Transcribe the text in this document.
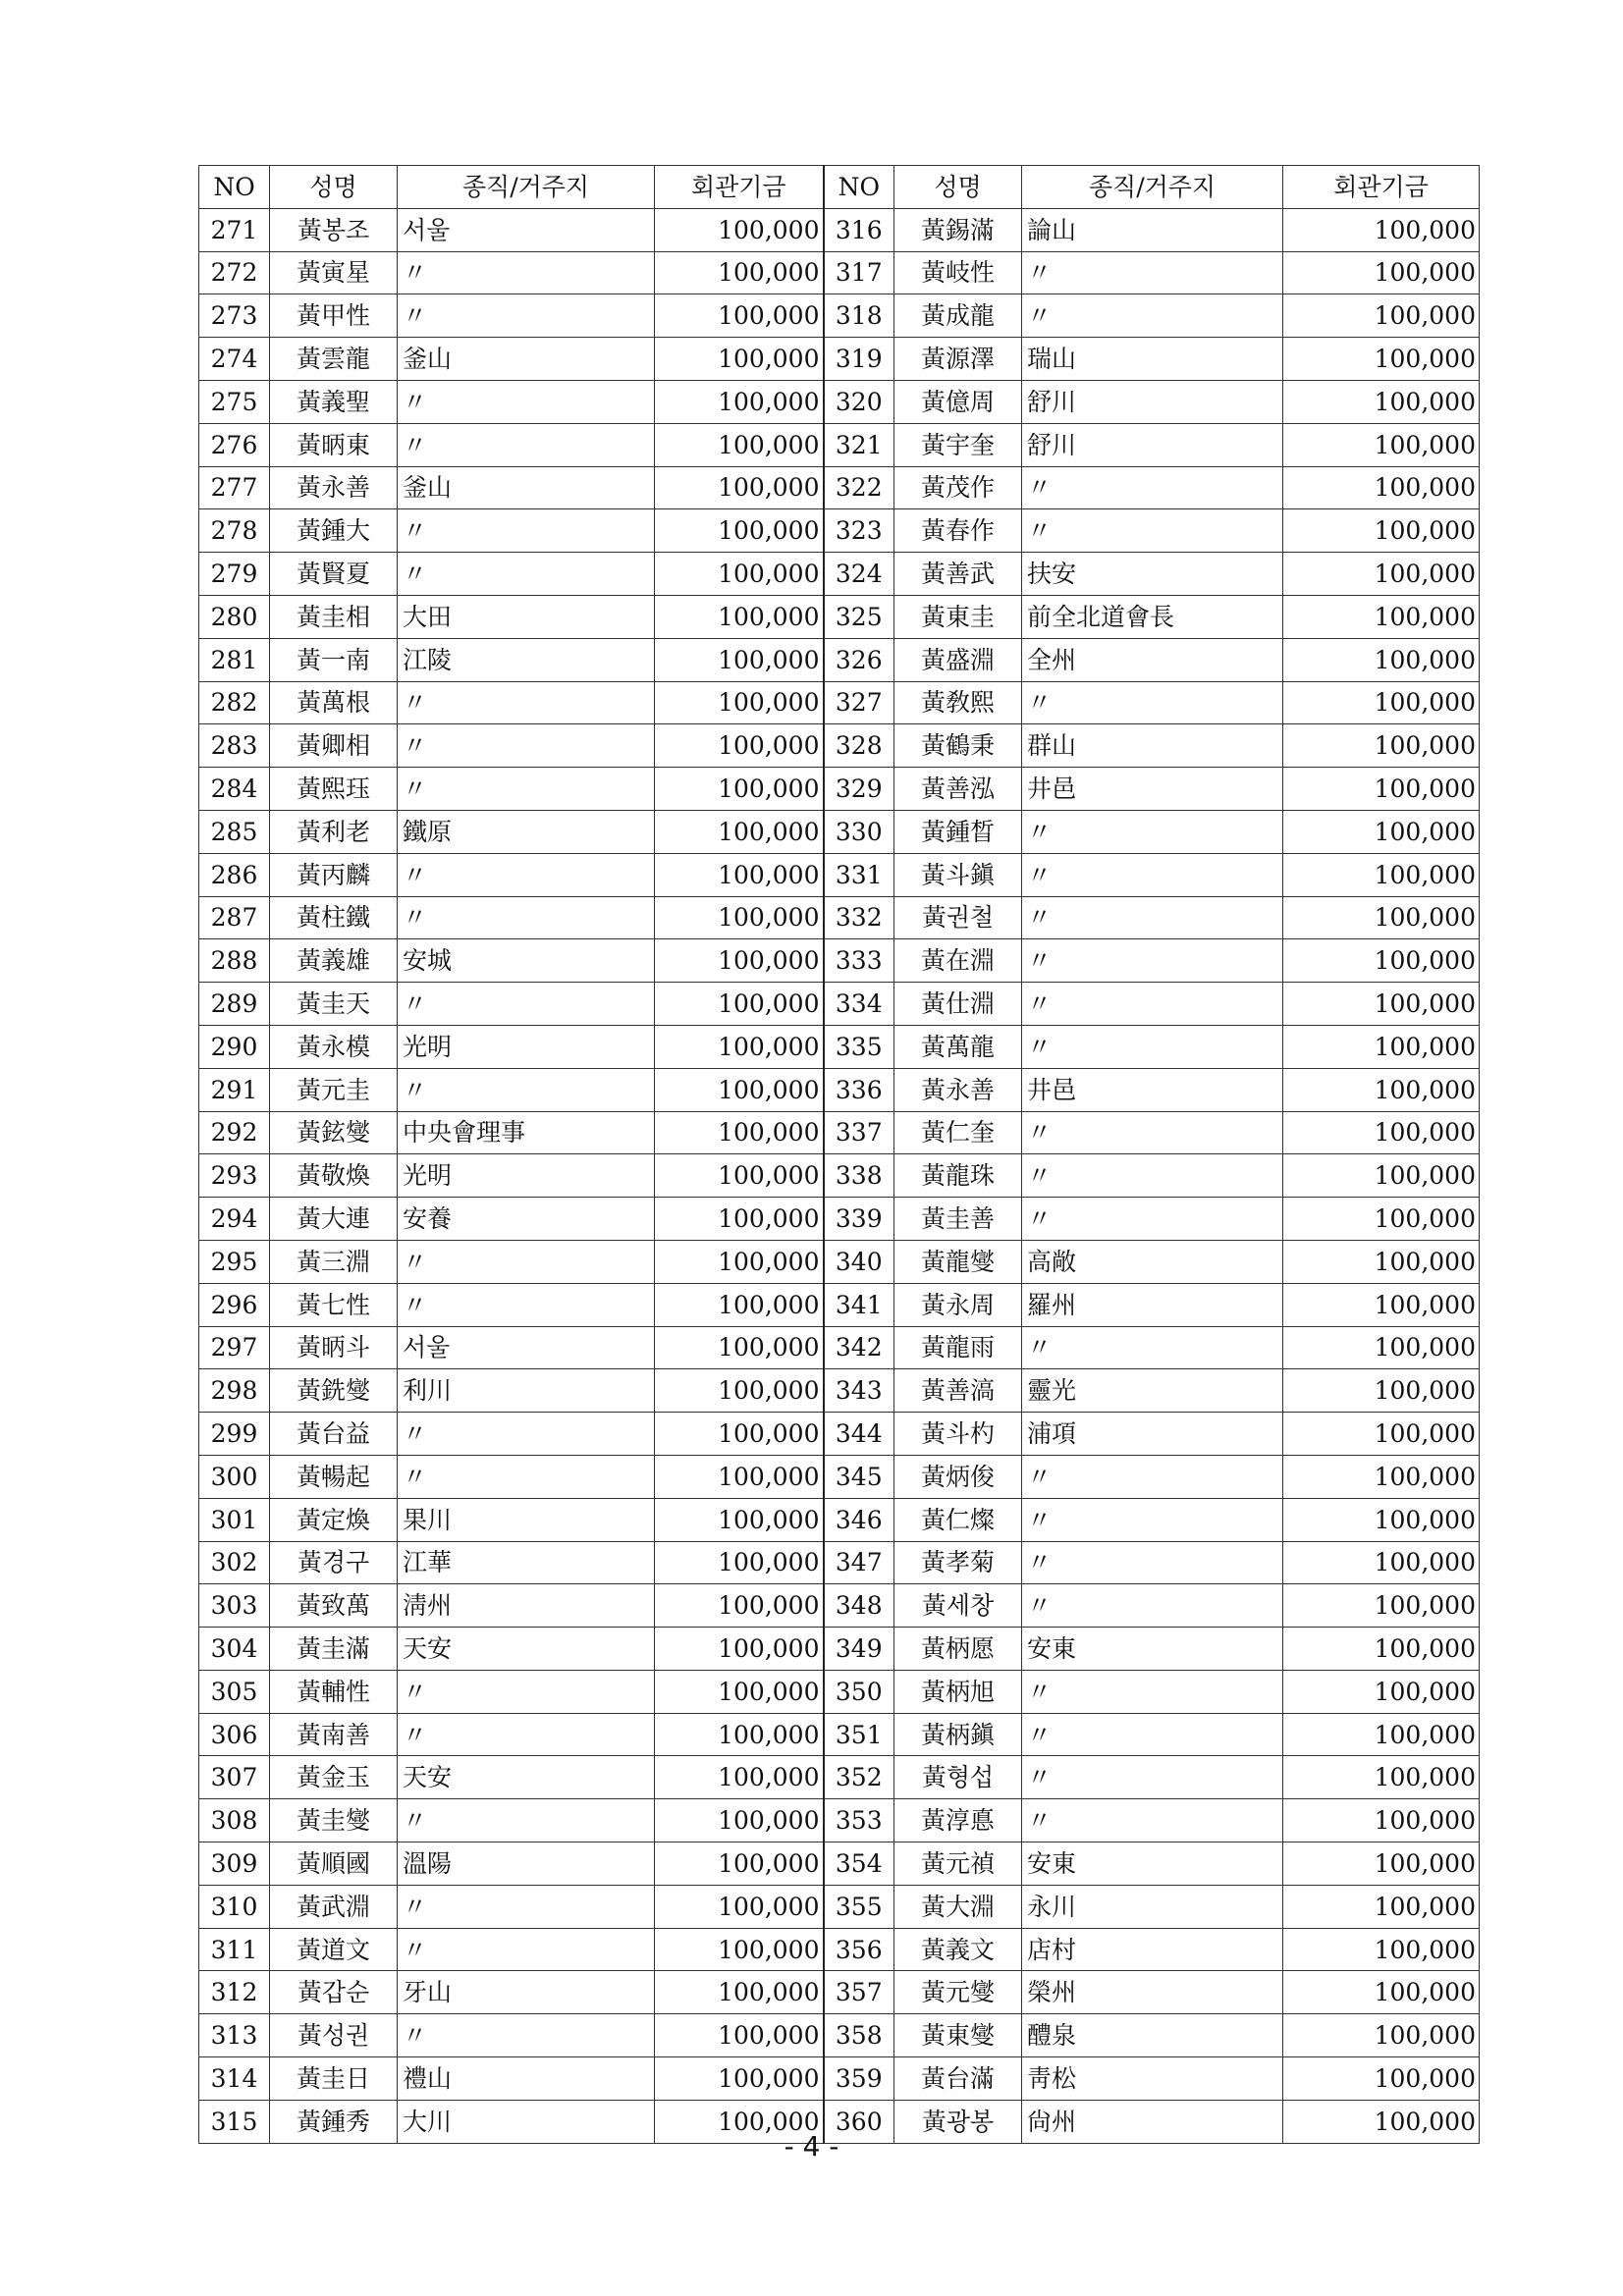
NO	성명	종직/거주지	회관기금	NO	성명	종직/거주지	회관기금
271	黃봉조	서울	100,000	316	黃錫滿	論山	100,000
272	黃寅星	〃	100,000	317	黃岐性	〃	100,000
273	黃甲性	〃	100,000	318	黃成龍	〃	100,000
274	黃雲龍	釜山	100,000	319	黃源澤	瑞山	100,000
275	黃義聖	〃	100,000	320	黃億周	舒川	100,000
276	黃昞東	〃	100,000	321	黃宇奎	舒川	100,000
277	黃永善	釜山	100,000	322	黃茂作	〃	100,000
278	黃鍾大	〃	100,000	323	黃春作	〃	100,000
279	黃賢夏	〃	100,000	324	黃善武	扶安	100,000
280	黃圭相	大田	100,000	325	黃東圭	前全北道會長	100,000
281	黃一南	江陵	100,000	326	黃盛淵	全州	100,000
282	黃萬根	〃	100,000	327	黃敎熙	〃	100,000
283	黃卿相	〃	100,000	328	黃鶴秉	群山	100,000
284	黃熙珏	〃	100,000	329	黃善泓	井邑	100,000
285	黃利老	鐵原	100,000	330	黃鍾晳	〃	100,000
286	黃丙麟	〃	100,000	331	黃斗鎭	〃	100,000
287	黃柱鐵	〃	100,000	332	黃권철	〃	100,000
288	黃義雄	安城	100,000	333	黃在淵	〃	100,000
289	黃圭天	〃	100,000	334	黃仕淵	〃	100,000
290	黃永模	光明	100,000	335	黃萬龍	〃	100,000
291	黃元圭	〃	100,000	336	黃永善	井邑	100,000
292	黃鉉燮	中央會理事	100,000	337	黃仁奎	〃	100,000
293	黃敬煥	光明	100,000	338	黃龍珠	〃	100,000
294	黃大連	安養	100,000	339	黃圭善	〃	100,000
295	黃三淵	〃	100,000	340	黃龍燮	高敞	100,000
296	黃七性	〃	100,000	341	黃永周	羅州	100,000
297	黃昞斗	서울	100,000	342	黃龍雨	〃	100,000
298	黃銑燮	利川	100,000	343	黃善滈	靈光	100,000
299	黃台益	〃	100,000	344	黃斗杓	浦項	100,000
300	黃暢起	〃	100,000	345	黃炳俊	〃	100,000
301	黃定煥	果川	100,000	346	黃仁燦	〃	100,000
302	黃경구	江華	100,000	347	黃孝菊	〃	100,000
303	黃致萬	淸州	100,000	348	黃세창	〃	100,000
304	黃圭滿	天安	100,000	349	黃柄愿	安東	100,000
305	黃輔性	〃	100,000	350	黃柄旭	〃	100,000
306	黃南善	〃	100,000	351	黃柄鎭	〃	100,000
307	黃金玉	天安	100,000	352	黃형섭	〃	100,000
308	黃圭燮	〃	100,000	353	黃淳悳	〃	100,000
309	黃順國	溫陽	100,000	354	黃元禎	安東	100,000
310	黃武淵	〃	100,000	355	黃大淵	永川	100,000
311	黃道文	〃	100,000	356	黃義文	店村	100,000
312	黃갑순	牙山	100,000	357	黃元燮	榮州	100,000
313	黃성권	〃	100,000	358	黃東燮	醴泉	100,000
314	黃圭日	禮山	100,000	359	黃台滿	靑松	100,000
315	黃鍾秀	大川	100,000	360	黃광봉	尙州	100,000
- 4 -
